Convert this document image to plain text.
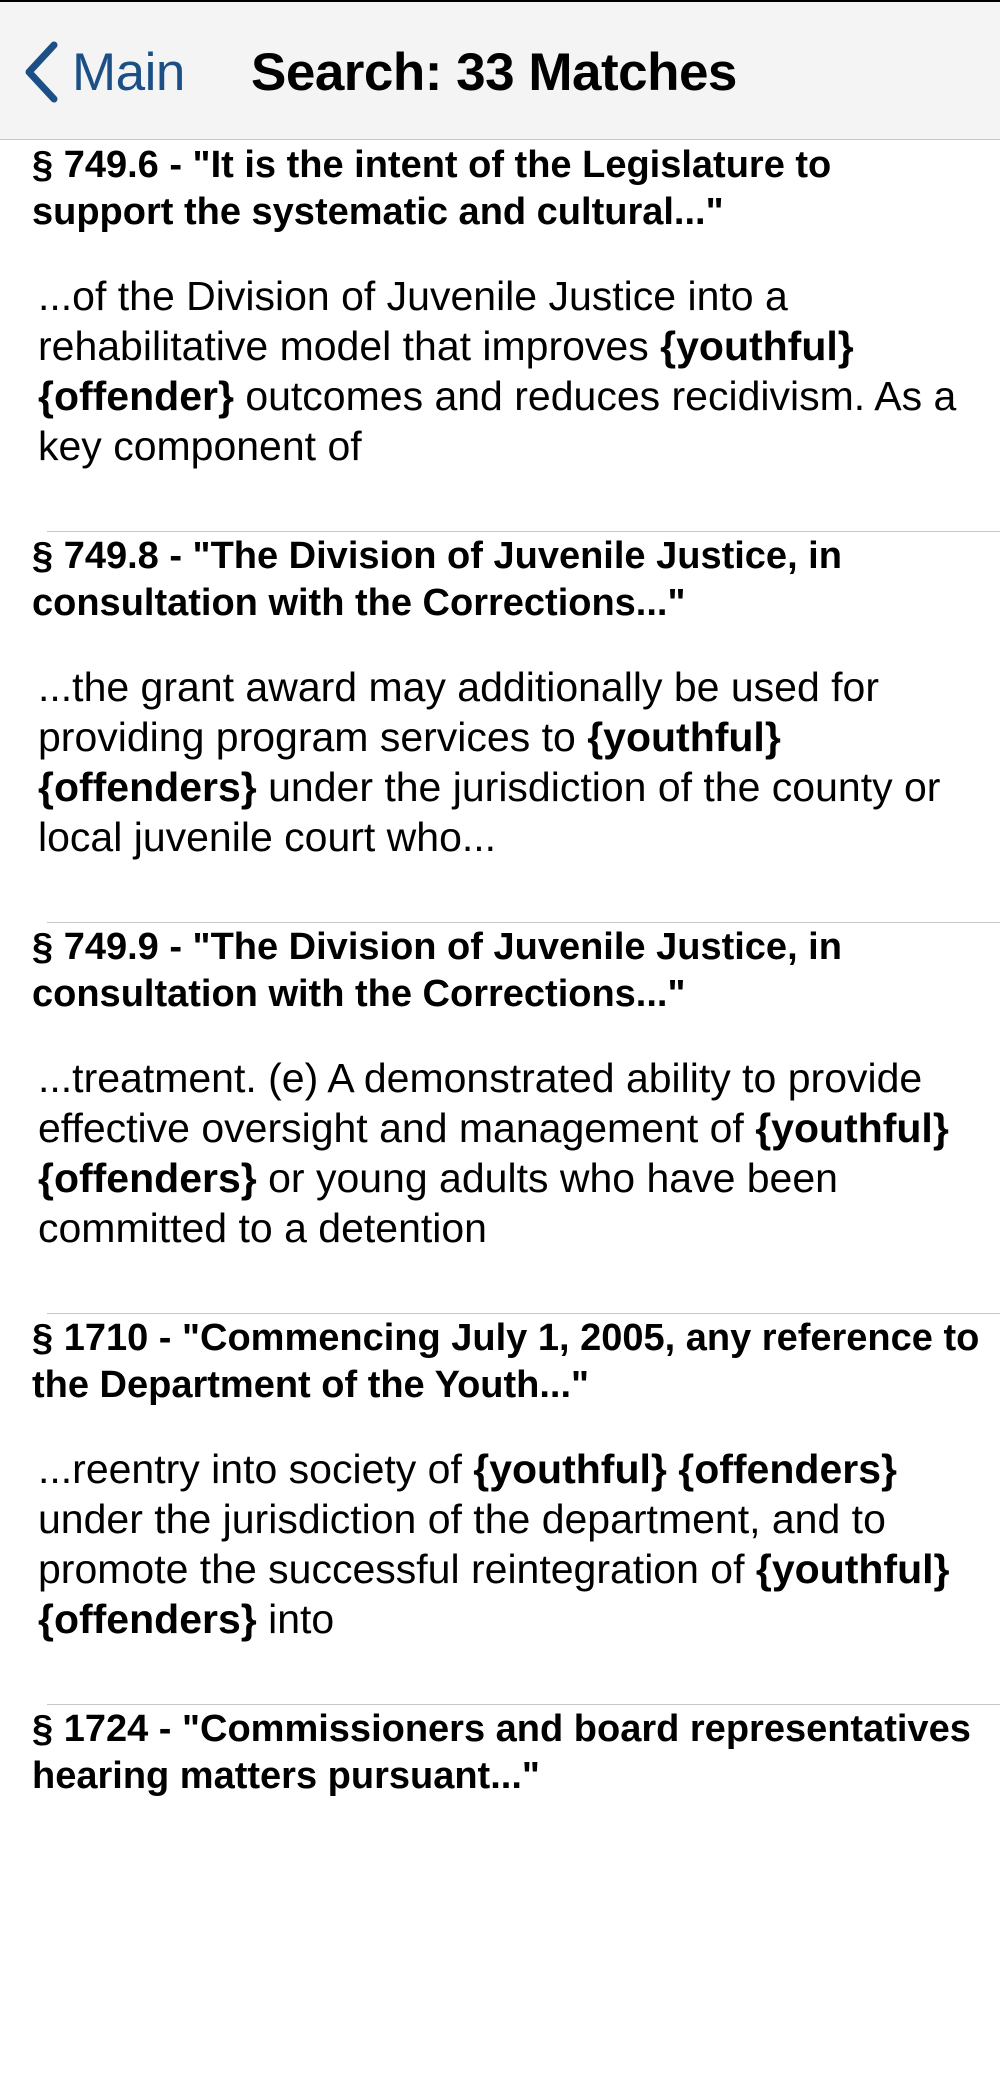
Main Search: 33 Matches
§ 749.6 - "It is the intent of the Legislature to support the systematic and cultural..."
...of the Division of Juvenile Justice into a rehabilitative model that improves {youthful} {offender} outcomes and reduces recidivism. As a key component of
§ 749.8 - "The Division of Juvenile Justice, in consultation with the Corrections..."
...the grant award may additionally be used for providing program services to {youthful} {offenders} under the jurisdiction of the county or local juvenile court who...
§ 749.9 - "The Division of Juvenile Justice, in consultation with the Corrections..."
...treatment. (e) A demonstrated ability to provide effective oversight and management of {youthful} {offenders} or young adults who have been committed to a detention
§ 1710 - "Commencing July 1, 2005, any reference to the Department of the Youth..."
...reentry into society of {youthful} {offenders} under the jurisdiction of the department, and to promote the successful reintegration of {youthful} {offenders} into
§ 1724 - "Commissioners and board representatives hearing matters pursuant..."
